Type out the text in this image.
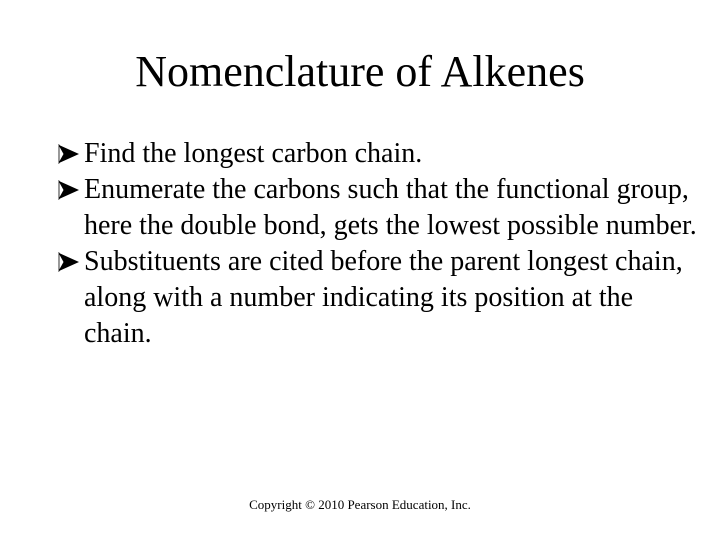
Nomenclature of Alkenes
Find the longest carbon chain.
Enumerate the carbons such that the functional group, here the double bond, gets the lowest possible number.
Substituents are cited before the parent longest chain, along with a number indicating its position at the chain.

Copyright © 2010 Pearson Education, Inc.
